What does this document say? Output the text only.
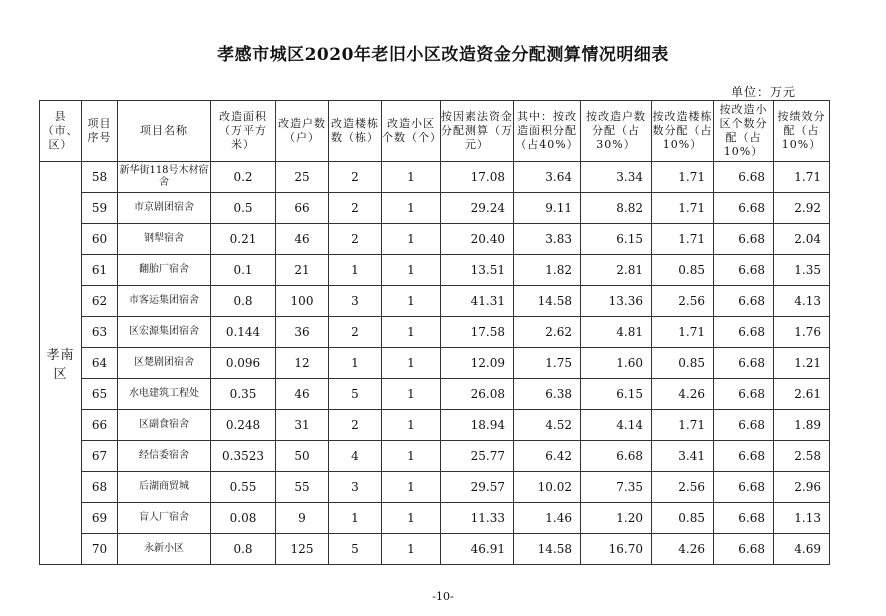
孝感市城区2020年老旧小区改造资金分配测算情况明细表
单位：万元
县（市、区）	项目序号	项目名称	改造面积（万平方米）	改造户数（户）	改造楼栋数（栋）	改造小区个数（个）	按因素法资金分配测算（万元）	其中：按改造面积分配（占40%）	按改造户数分配（占30%）	按改造楼栋数分配（占10%）	按改造小区个数分配（占10%）	按绩效分配（占10%）
孝南区	58	新华街118号木材宿舍	0.2	25	2	1	17.08	3.64	3.34	1.71	6.68	1.71
	59	市京剧团宿舍	0.5	66	2	1	29.24	9.11	8.82	1.71	6.68	2.92
	60	钢犁宿舍	0.21	46	2	1	20.40	3.83	6.15	1.71	6.68	2.04
	61	翻胎厂宿舍	0.1	21	1	1	13.51	1.82	2.81	0.85	6.68	1.35
	62	市客运集团宿舍	0.8	100	3	1	41.31	14.58	13.36	2.56	6.68	4.13
	63	区宏源集团宿舍	0.144	36	2	1	17.58	2.62	4.81	1.71	6.68	1.76
	64	区楚剧团宿舍	0.096	12	1	1	12.09	1.75	1.60	0.85	6.68	1.21
	65	水电建筑工程处	0.35	46	5	1	26.08	6.38	6.15	4.26	6.68	2.61
	66	区副食宿舍	0.248	31	2	1	18.94	4.52	4.14	1.71	6.68	1.89
	67	经信委宿舍	0.3523	50	4	1	25.77	6.42	6.68	3.41	6.68	2.58
	68	后湖商贸城	0.55	55	3	1	29.57	10.02	7.35	2.56	6.68	2.96
	69	盲人厂宿舍	0.08	9	1	1	11.33	1.46	1.20	0.85	6.68	1.13
	70	永新小区	0.8	125	5	1	46.91	14.58	16.70	4.26	6.68	4.69
-10-
